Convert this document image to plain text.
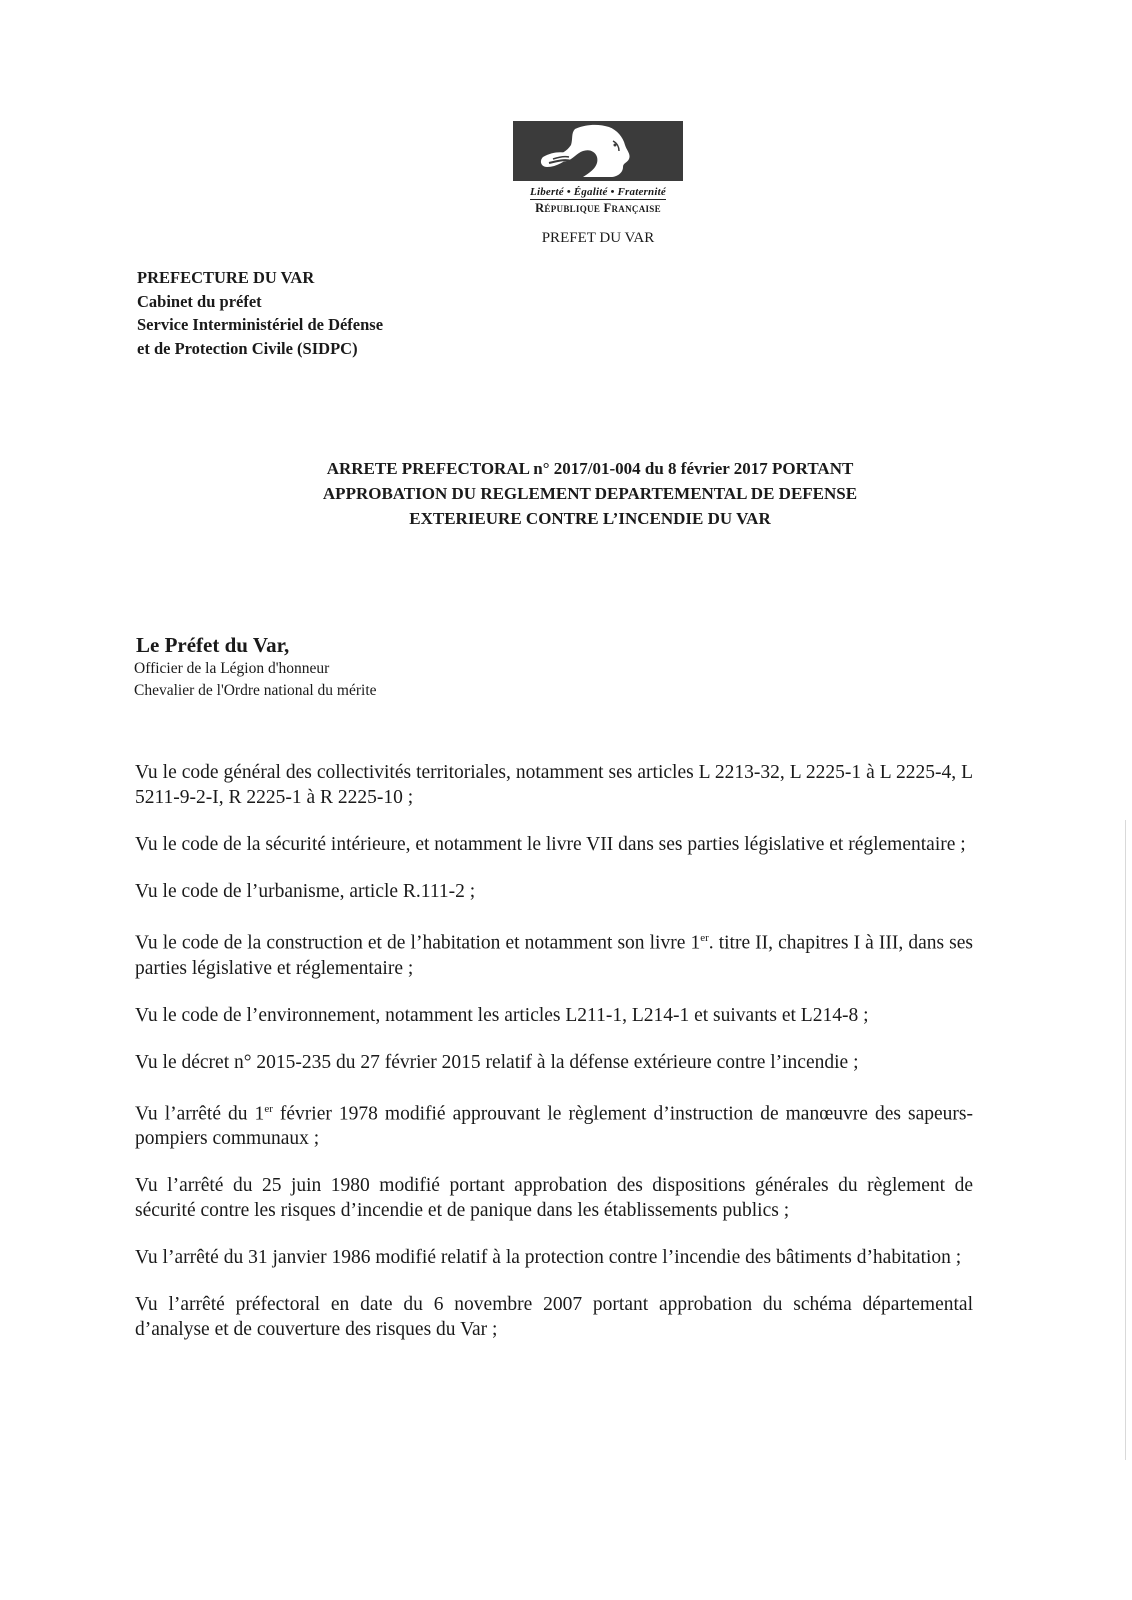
Liberté • Égalité • Fraternité
République Française
PREFET DU VAR
PREFECTURE DU VAR
Cabinet du préfet
Service Interministériel de Défense
et de Protection Civile (SIDPC)
ARRETE PREFECTORAL n° 2017/01-004 du 8 février 2017 PORTANT
APPROBATION DU REGLEMENT DEPARTEMENTAL DE DEFENSE
EXTERIEURE CONTRE L’INCENDIE DU VAR
Le Préfet du Var,
Officier de la Légion d'honneur
Chevalier de l'Ordre national du mérite

Vu le code général des collectivités territoriales, notamment ses articles L 2213-32, L 2225-1 à L 2225-4, L 5211-9-2-I, R 2225-1 à R 2225-10 ;

Vu le code de la sécurité intérieure, et notamment le livre VII dans ses parties législative et réglementaire ;

Vu le code de l’urbanisme, article R.111-2 ;

Vu le code de la construction et de l’habitation et notamment son livre 1er. titre II, chapitres I à III, dans ses parties législative et réglementaire ;

Vu le code de l’environnement, notamment les articles L211-1, L214-1 et suivants et L214-8 ;

Vu le décret n° 2015-235 du 27 février 2015 relatif à la défense extérieure contre l’incendie ;

Vu l’arrêté du 1er février 1978 modifié approuvant le règlement d’instruction de manœuvre des sapeurs-pompiers communaux ;

Vu l’arrêté du 25 juin 1980 modifié portant approbation des dispositions générales du règlement de sécurité contre les risques d’incendie et de panique dans les établissements publics ;

Vu l’arrêté du 31 janvier 1986 modifié relatif à la protection contre l’incendie des bâtiments d’habitation ;

Vu l’arrêté préfectoral en date du 6 novembre 2007 portant approbation du schéma départemental d’analyse et de couverture des risques du Var ;
